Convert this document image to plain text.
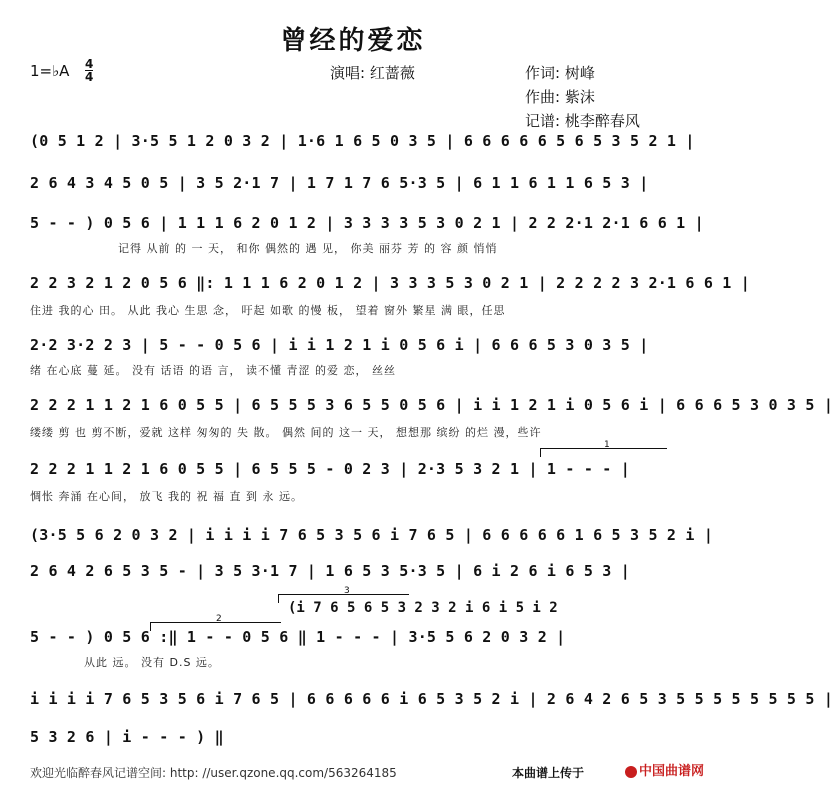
曾经的爱恋
1=♭A 4
4	演唱: 红蔷薇	作词: 树峰
作曲: 紫沫
记谱: 桃李醉春风
1
2
3
(i 7 6 5 6 5 3 2 3 2 i 6 i 5 i 2
(0 5 1 2 | 3·5 5 1 2 0 3 2 | 1·6 1 6 5 0 3 5 | 6 6 6 6 6 5 6 5 3 5 2 1 |
2 6 4 3 4 5 0 5 | 3 5 2·1 7 | 1 7 1 7 6 5·3 5 | 6 1 1 6 1 1 6 5 3 |
5 - - ) 0 5 6 | 1 1 1 6 2 0 1 2 | 3 3 3 3 5 3 0 2 1 | 2 2 2·1 2·1 6 6 1 |
记得 从前 的 一 天， 和你 偶然的 遇 见， 你美 丽芬 芳 的 容 颜 悄悄
2 2 3 2 1 2 0 5 6 ‖: 1 1 1 6 2 0 1 2 | 3 3 3 5 3 0 2 1 | 2 2 2 2 3 2·1 6 6 1 |
住进 我的心 田。 从此 我心 生思 念， 吁起 如歌 的慢 板， 望着 窗外 繁星 满 眼，任思
2·2 3·2 2 3 | 5 - - 0 5 6 | i i 1 2 1 i 0 5 6 i | 6 6 6 5 3 0 3 5 |
绪 在心底 蔓 延。 没有 话语 的语 言， 读不懂 青涩 的爱 恋， 丝丝
2 2 2 1 1 2 1 6 0 5 5 | 6 5 5 5 3 6 5 5 0 5 6 | i i 1 2 1 i 0 5 6 i | 6 6 6 5 3 0 3 5 |
缕缕 剪 也 剪不断，爱就 这样 匆匆的 失 散。 偶然 间的 这一 天， 想想那 缤纷 的烂 漫，些许
2 2 2 1 1 2 1 6 0 5 5 | 6 5 5 5 - 0 2 3 | 2·3 5 3 2 1 | 1 - - - |
惆怅 奔涌 在心间， 放飞 我的 祝 福 直 到 永 远。
(3·5 5 6 2 0 3 2 | i i i i 7 6 5 3 5 6 i 7 6 5 | 6 6 6 6 6 1 6 5 3 5 2 i |
2 6 4 2 6 5 3 5 - | 3 5 3·1 7 | 1 6 5 3 5·3 5 | 6 i 2 6 i 6 5 3 |
5 - - ) 0 5 6 :‖ 1 - - 0 5 6 ‖ 1 - - - | 3·5 5 6 2 0 3 2 |
从此 远。 没有 D.S 远。
i i i i 7 6 5 3 5 6 i 7 6 5 | 6 6 6 6 6 i 6 5 3 5 2 i | 2 6 4 2 6 5 3 5 5 5 5 5 5 5 5 |
5 3 2 6 | i - - - ) ‖
欢迎光临醉春风记谱空间: http: //user.qzone.qq.com/563264185	本曲谱上传于	中国曲谱网
